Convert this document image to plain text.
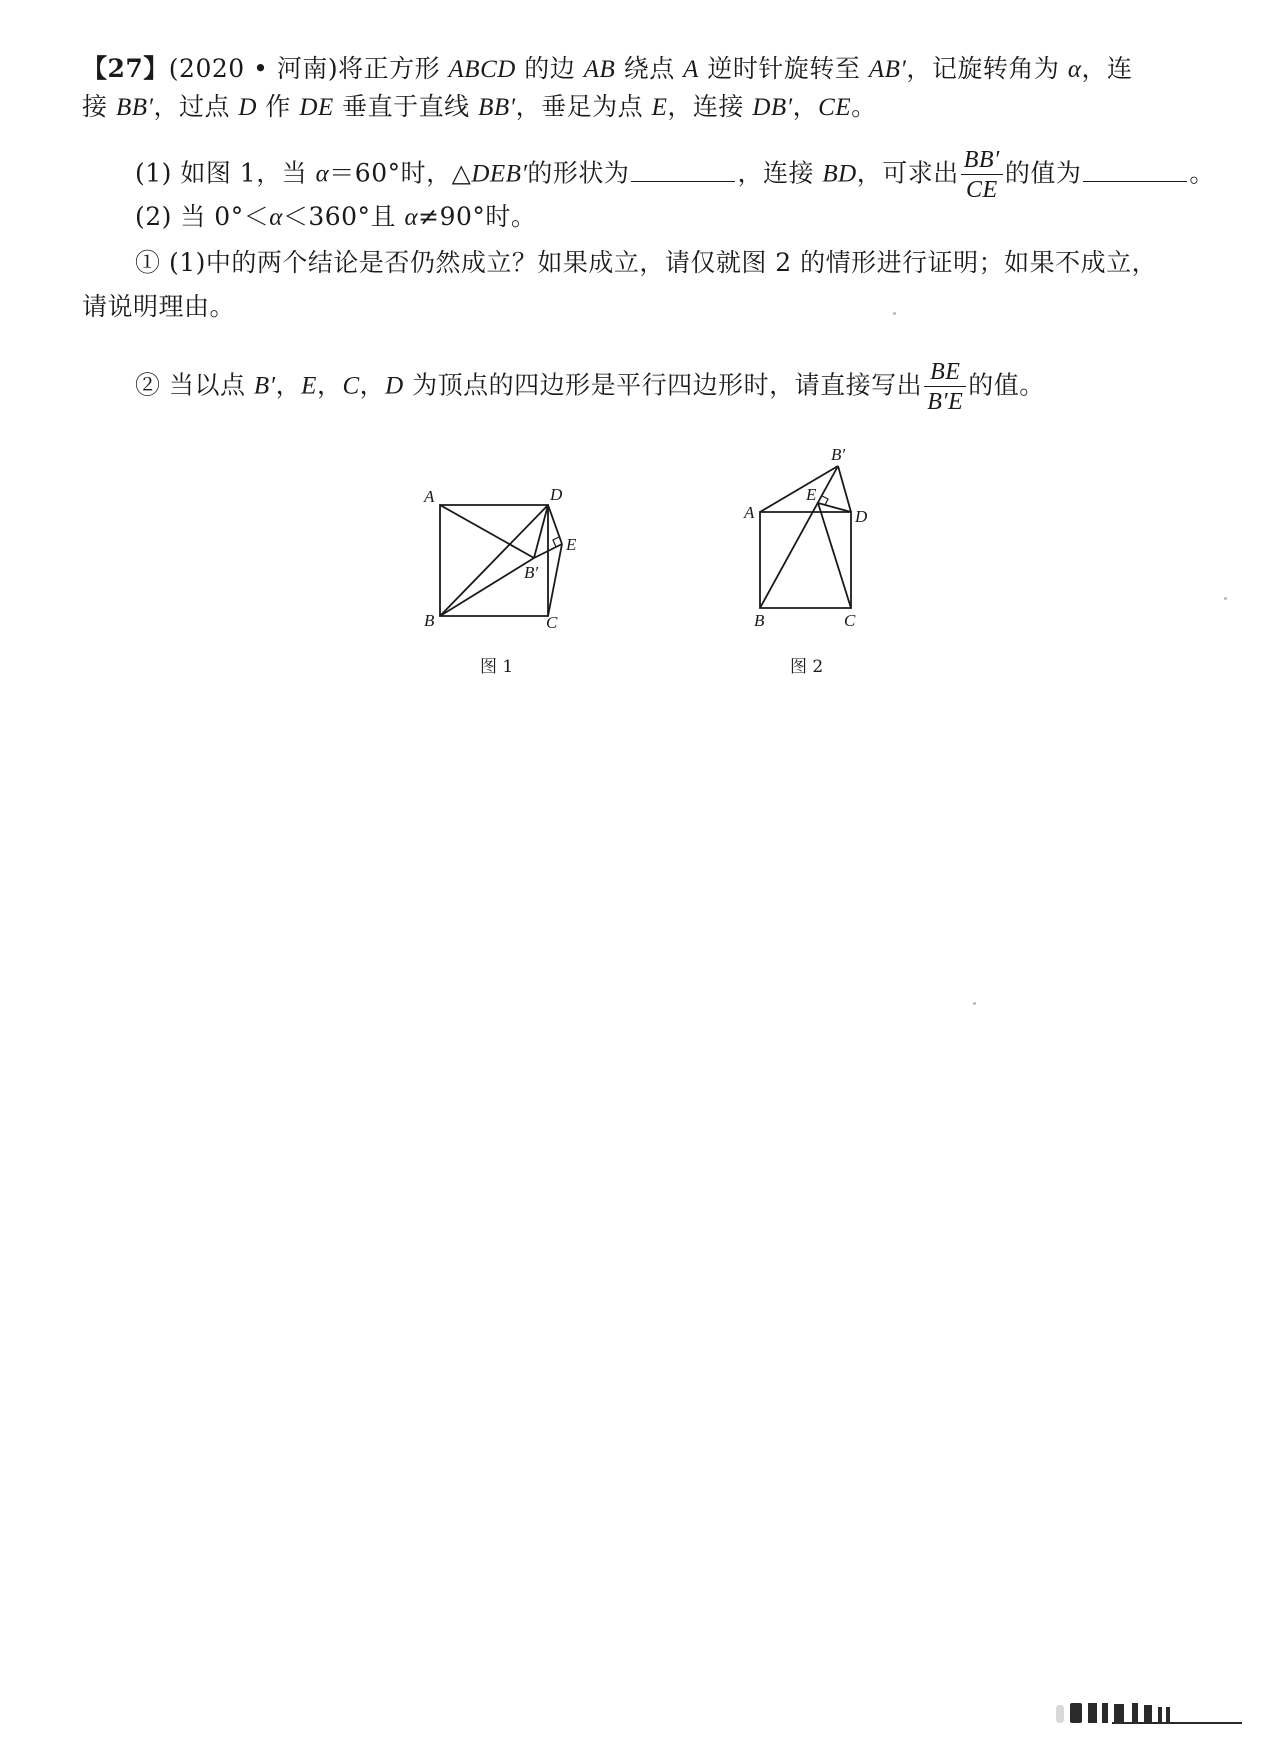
【27】(2020 • 河南)将正方形 ABCD 的边 AB 绕点 A 逆时针旋转至 AB′，记旋转角为 α，连
接 BB′，过点 D 作 DE 垂直于直线 BB′，垂足为点 E，连接 DB′，CE。
(1) 如图 1，当 α＝60°时，△DEB′的形状为	，连接 BD，可求出 $\frac{BB'}{CE}$ 的值为	。
(2) 当 0°＜α＜360°且 α≠90°时。
① (1)中的两个结论是否仍然成立？如果成立，请仅就图 2 的情形进行证明；如果不成立，
请说明理由。
② 当以点 B′，E，C，D 为顶点的四边形是平行四边形时，请直接写出 $\frac{BE}{B'E}$ 的值。
A	D
E
B′
B	C
图 1
B′
E
A	D
B	C
图 2
